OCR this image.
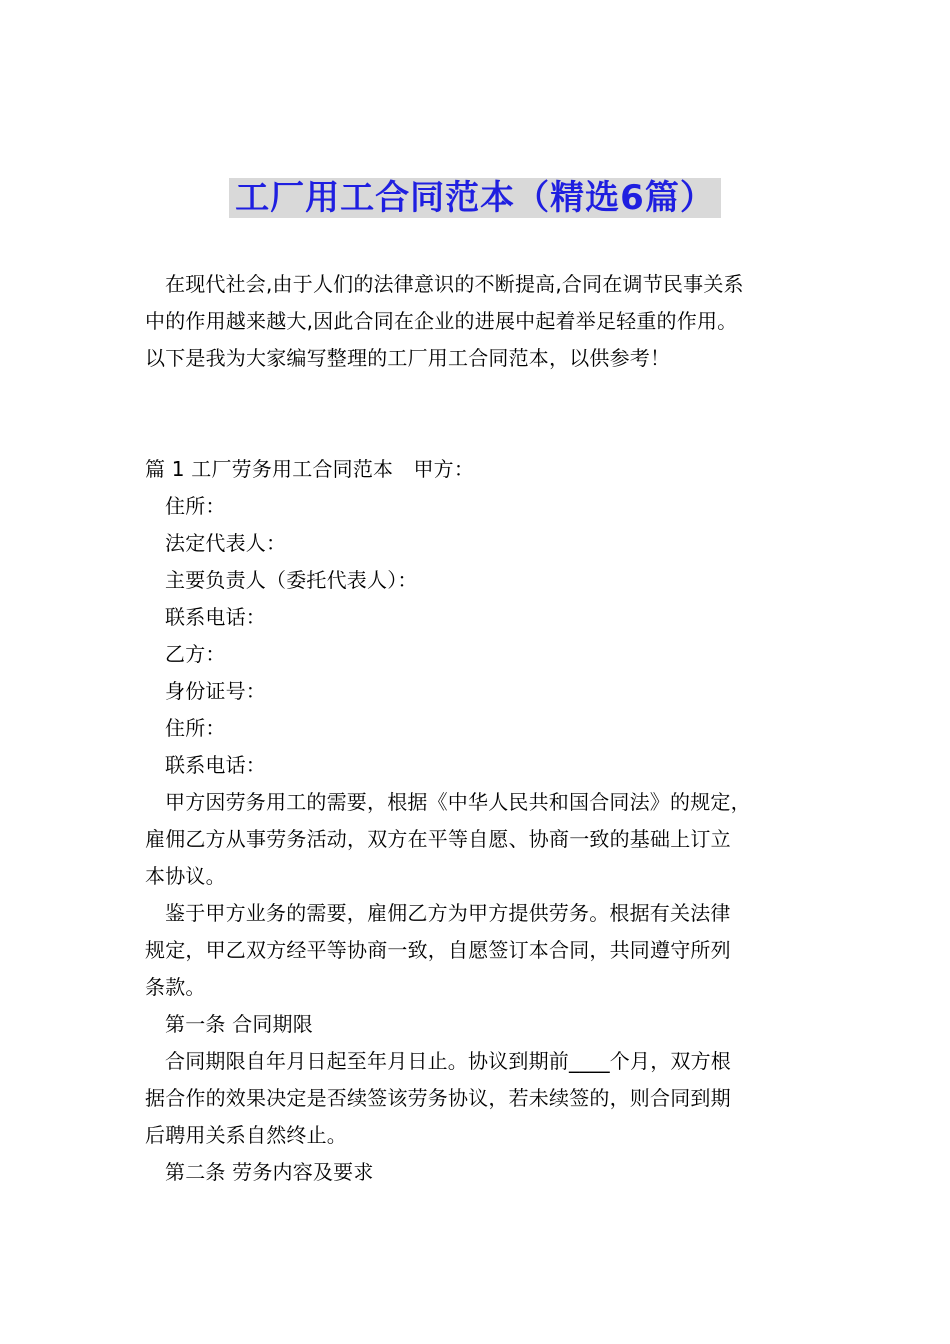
工厂用工合同范本（精选6篇）
在现代社会,由于人们的法律意识的不断提高,合同在调节民事关系
中的作用越来越大,因此合同在企业的进展中起着举足轻重的作用。
以下是我为大家编写整理的工厂用工合同范本，以供参考！
篇 1 工厂劳务用工合同范本　甲方：
住所：
法定代表人：
主要负责人（委托代表人）：
联系电话：
乙方：
身份证号：
住所：
联系电话：
甲方因劳务用工的需要，根据《中华人民共和国合同法》的规定，
雇佣乙方从事劳务活动，双方在平等自愿、协商一致的基础上订立
本协议。
鉴于甲方业务的需要，雇佣乙方为甲方提供劳务。根据有关法律
规定，甲乙双方经平等协商一致，自愿签订本合同，共同遵守所列
条款。
第一条 合同期限
合同期限自年月日起至年月日止。协议到期前____个月，双方根
据合作的效果决定是否续签该劳务协议，若未续签的，则合同到期
后聘用关系自然终止。
第二条 劳务内容及要求
